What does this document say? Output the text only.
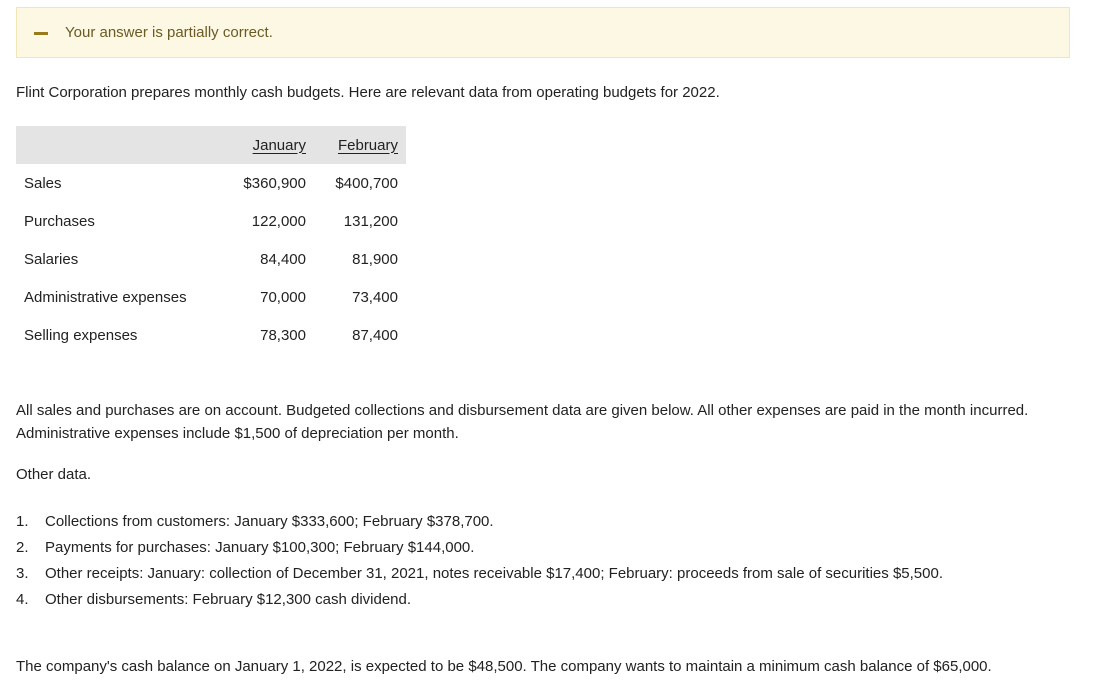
Your answer is partially correct.
Flint Corporation prepares monthly cash budgets. Here are relevant data from operating budgets for 2022.
	January	February
Sales	$360,900	$400,700
Purchases	122,000	131,200
Salaries	84,400	81,900
Administrative expenses	70,000	73,400
Selling expenses	78,300	87,400
All sales and purchases are on account. Budgeted collections and disbursement data are given below. All other expenses are paid in the month incurred. Administrative expenses include $1,500 of depreciation per month.
Other data.
1. Collections from customers: January $333,600; February $378,700.
2. Payments for purchases: January $100,300; February $144,000.
3. Other receipts: January: collection of December 31, 2021, notes receivable $17,400; February: proceeds from sale of securities $5,500.
4. Other disbursements: February $12,300 cash dividend.
The company's cash balance on January 1, 2022, is expected to be $48,500. The company wants to maintain a minimum cash balance of $65,000.
